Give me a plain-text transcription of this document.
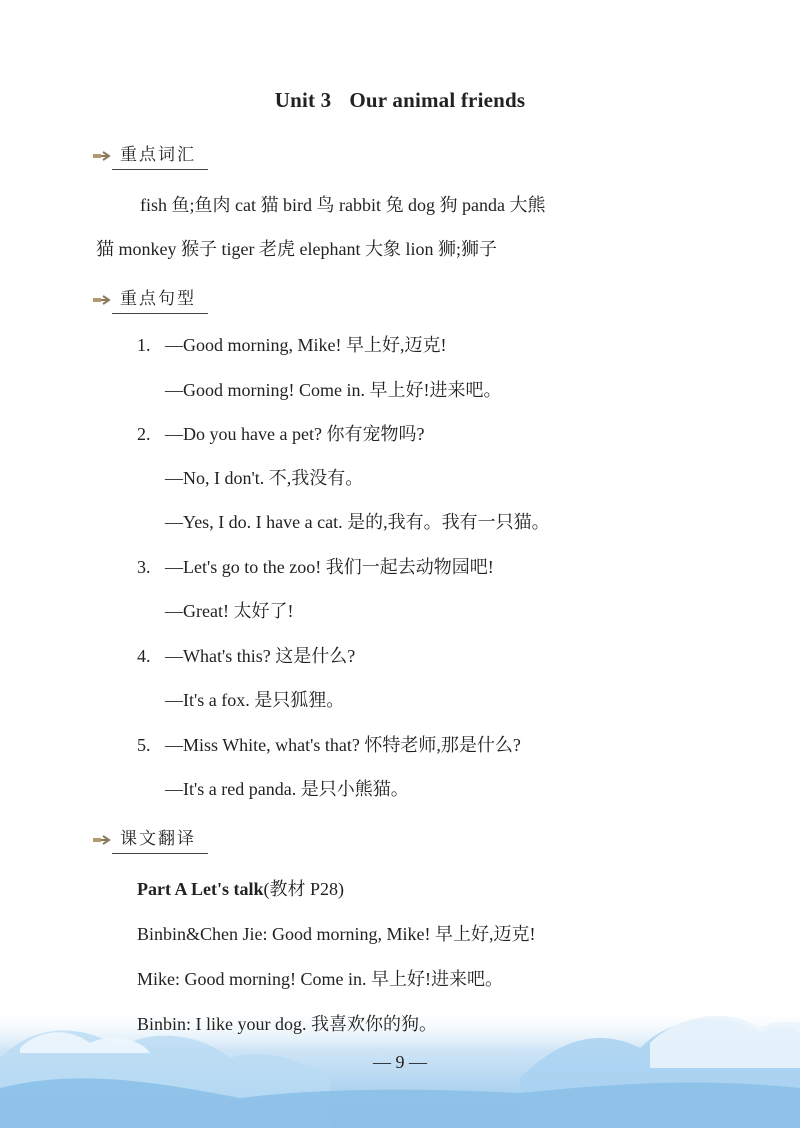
Unit 3 Our animal friends
重点词汇
fish 鱼;鱼肉 cat 猫 bird 鸟 rabbit 兔 dog 狗 panda 大熊
猫 monkey 猴子 tiger 老虎 elephant 大象 lion 狮;狮子
重点句型
1. —Good morning, Mike! 早上好,迈克!
—Good morning! Come in. 早上好!进来吧。
2. —Do you have a pet? 你有宠物吗?
—No, I don't. 不,我没有。
—Yes, I do. I have a cat. 是的,我有。我有一只猫。
3. —Let's go to the zoo! 我们一起去动物园吧!
—Great! 太好了!
4. —What's this? 这是什么?
—It's a fox. 是只狐狸。
5. —Miss White, what's that? 怀特老师,那是什么?
—It's a red panda. 是只小熊猫。
课文翻译
Part A Let's talk(教材 P28)
Binbin&Chen Jie: Good morning, Mike! 早上好,迈克!
Mike: Good morning! Come in. 早上好!进来吧。
Binbin: I like your dog. 我喜欢你的狗。
— 9 —
